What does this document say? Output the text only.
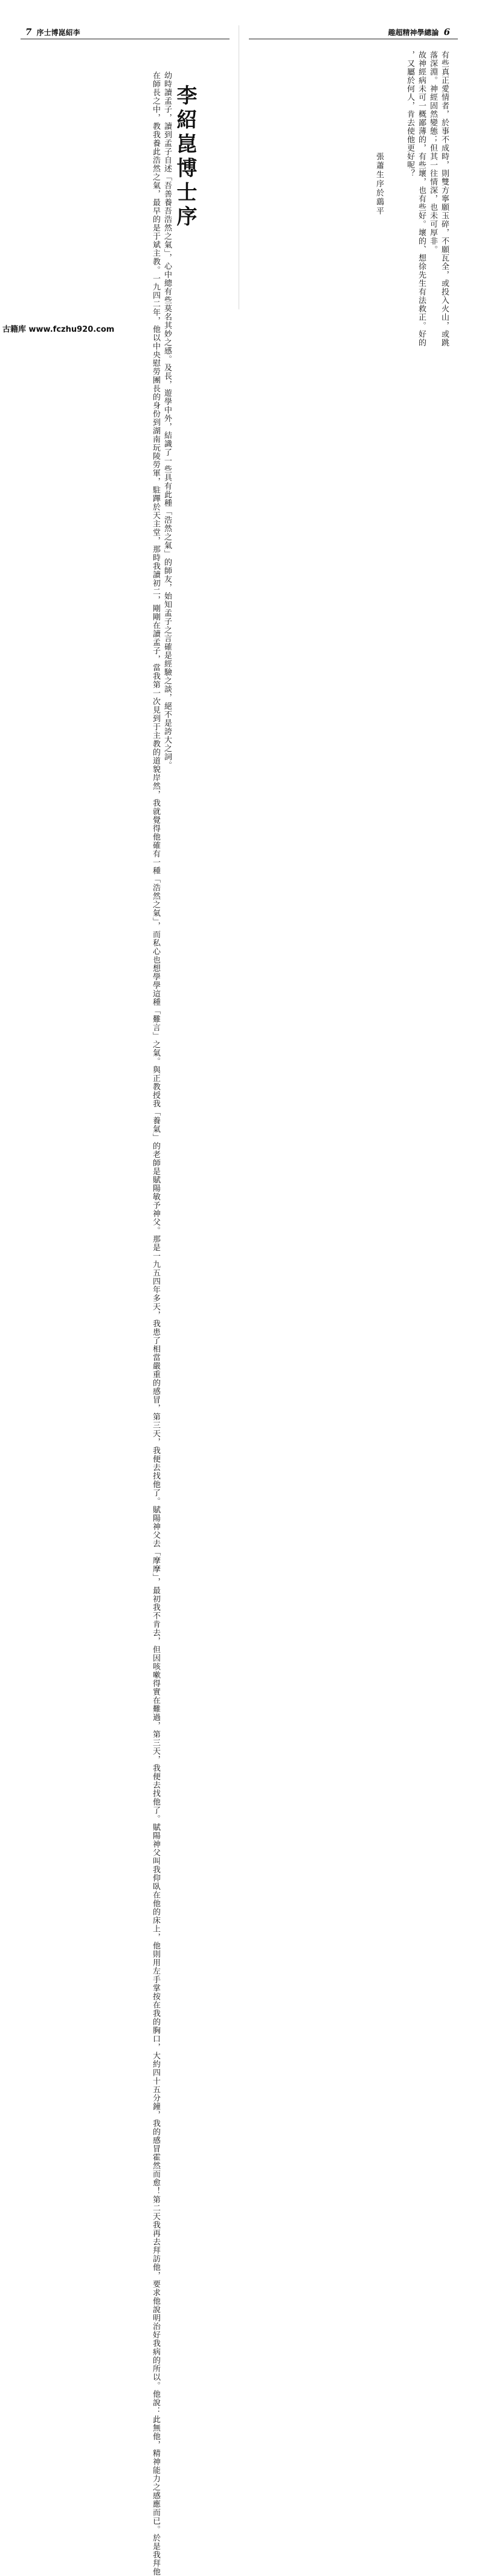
7 序士博崑紹李	趣超精神學總論 6

有些真正愛情者，於事不成時，則雙方寧願玉碎，不願瓦全，或投入火山，或跳

落深淵。神經固然變態；但其一往情深，也未可厚非。

故神經病未可一概鄙薄的，有些壞，也有些好。壞的、想徐先生有法救正。好的

，又屬於何人，肯去使他更好呢？

張蕭生序於鷂平
李紹崑博士序

幼時讀孟子，讀到孟子自述「吾善養吾浩然之氣」，心中總有些莫名其妙之感。及長，遊學中外，結識了一些具有此種「浩然之氣」的師友，始知孟子之言確是經驗之談，絕不是誇大之詞。

在師長之中，教我養此浩然之氣，最早的是于斌主教。一九四二年，他以中央慰勞團長的身份到湖南玩陵勞軍，駐蹕於天主堂，那時我讀初二，剛剛在讀孟子，當我第一次見到于主教的道貌岸然，我就覺得他確有一種「浩然之氣」，而私心也想學學這種「難言」之氣。與正教授我「養氣」的老師是賦陽敏予神父。那是一九五四年多天，我患了相當嚴重的感冒，第三天，我便去找他了。賦陽神父去「摩摩」，最初我不肯去，但因咳嗽得實在難過，第三天，我便去找他了。賦陽神父叫我仰臥在他的床上，他則用左手掌按在我的胸口，大約四十五分鐘，我的感冒霍然而愈！第二天我再去拜訪他，要求他說明治好我病的所以。他說：此無他，精神能力之感應而已。於是我拜他

古籍库 www.fczhu920.com
